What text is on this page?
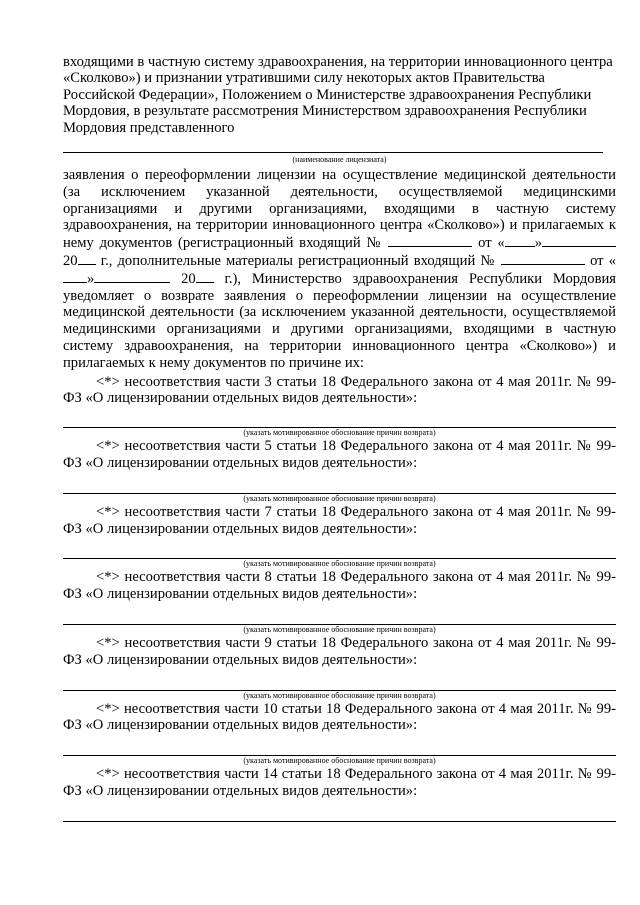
входящими в частную систему здравоохранения, на территории инновационного центра «Сколково») и признании утратившими силу некоторых актов Правительства Российской Федерации», Положением о Министерстве здравоохранения Республики Мордовия, в результате рассмотрения Министерством здравоохранения Республики Мордовия представленного

(наименование лицензиата)

заявления о переоформлении лицензии на осуществление медицинской деятельности (за исключением указанной деятельности, осуществляемой медицинскими организациями и другими организациями, входящими в частную систему здравоохранения, на территории инновационного центра «Сколково») и прилагаемых к нему документов (регистрационный входящий №	от « » 20 г., дополнительные материалы регистрационный входящий №	от «»	20 г.), Министерство здравоохранения Республики Мордовия уведомляет о возврате заявления о переоформлении лицензии на осуществление медицинской деятельности (за исключением указанной деятельности, осуществляемой медицинскими организациями и другими организациями, входящими в частную систему здравоохранения, на территории инновационного центра «Сколково») и прилагаемых к нему документов по причине их:

<*> несоответствия части 3 статьи 18 Федерального закона от 4 мая 2011г. № 99-ФЗ «О лицензировании отдельных видов деятельности»:

(указать мотивированное обоснование причин возврата)

<*> несоответствия части 5 статьи 18 Федерального закона от 4 мая 2011г. № 99-ФЗ «О лицензировании отдельных видов деятельности»:

(указать мотивированное обоснование причин возврата)

<*> несоответствия части 7 статьи 18 Федерального закона от 4 мая 2011г. № 99-ФЗ «О лицензировании отдельных видов деятельности»:

(указать мотивированное обоснование причин возврата)

<*> несоответствия части 8 статьи 18 Федерального закона от 4 мая 2011г. № 99-ФЗ «О лицензировании отдельных видов деятельности»:

(указать мотивированное обоснование причин возврата)

<*> несоответствия части 9 статьи 18 Федерального закона от 4 мая 2011г. № 99-ФЗ «О лицензировании отдельных видов деятельности»:

(указать мотивированное обоснование причин возврата)

<*> несоответствия части 10 статьи 18 Федерального закона от 4 мая 2011г. № 99-ФЗ «О лицензировании отдельных видов деятельности»:

(указать мотивированное обоснование причин возврата)

<*> несоответствия части 14 статьи 18 Федерального закона от 4 мая 2011г. № 99-ФЗ «О лицензировании отдельных видов деятельности»:
